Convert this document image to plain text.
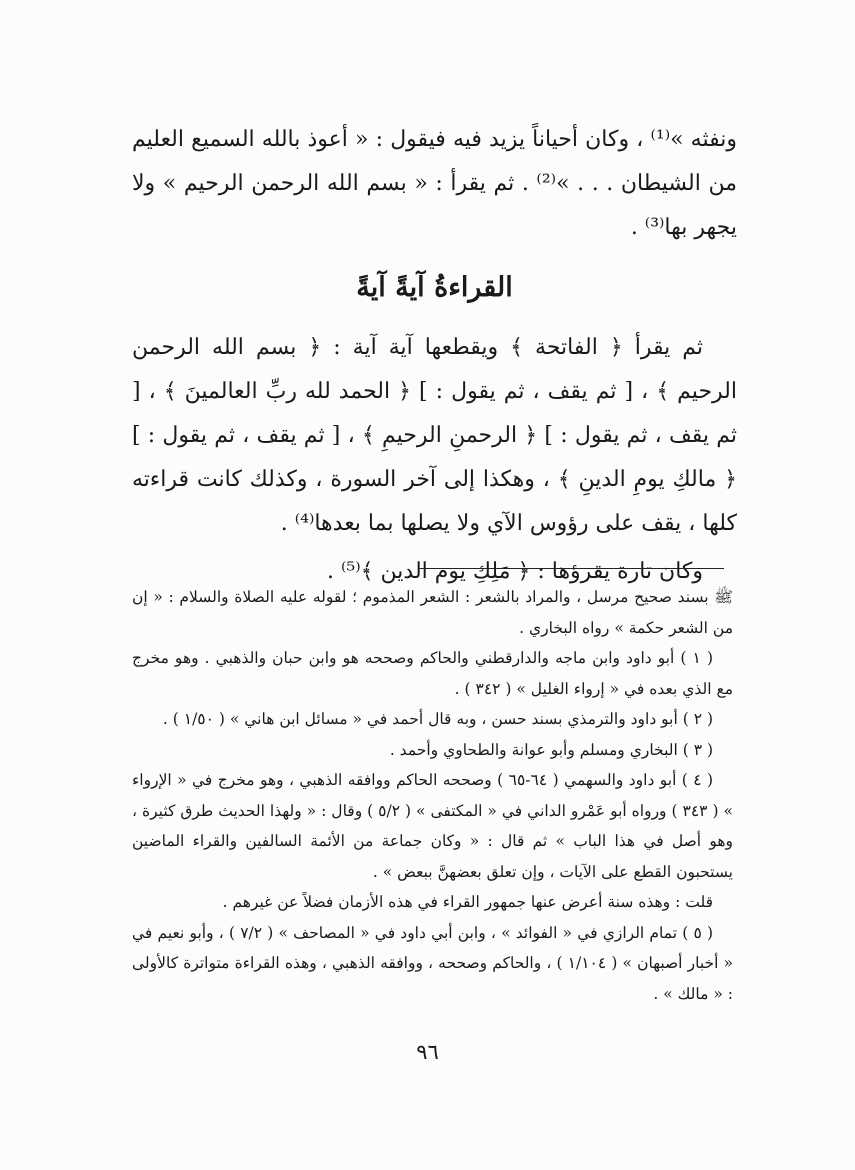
ونفثه »⁽¹⁾ ، وكان أحياناً يزيد فيه فيقول : « أعوذ بالله السميع العليم من الشيطان . . . »⁽²⁾ . ثم يقرأ : « بسم الله الرحمن الرحيم » ولا يجهر بها⁽³⁾ .

القراءةُ آيةً آيةً

ثم يقرأ ﴿ الفاتحة ﴾ ويقطعها آية آية : ﴿ بسم الله الرحمن الرحيم ﴾ ، [ ثم يقف ، ثم يقول : ] ﴿ الحمد لله ربِّ العالمينَ ﴾ ، [ ثم يقف ، ثم يقول : ] ﴿ الرحمنِ الرحيمِ ﴾ ، [ ثم يقف ، ثم يقول : ] ﴿ مالكِ يومِ الدينِ ﴾ ، وهكذا إلى آخر السورة ، وكذلك كانت قراءته كلها ، يقف على رؤوس الآي ولا يصلها بما بعدها⁽⁴⁾ .

وكان تارة يقرؤها : ﴿ مَلِكِ يوم الدين ﴾⁽⁵⁾ .

ﷺ بسند صحيح مرسل ، والمراد بالشعر : الشعر المذموم ؛ لقوله عليه الصلاة والسلام : « إن من الشعر حكمة » رواه البخاري .

( ١ ) أبو داود وابن ماجه والدارقطني والحاكم وصححه هو وابن حبان والذهبي . وهو مخرج مع الذي بعده في « إرواء الغليل » ( ٣٤٢ ) .

( ٢ ) أبو داود والترمذي بسند حسن ، وبه قال أحمد في « مسائل ابن هاني » ( ١/٥٠ ) .

( ٣ ) البخاري ومسلم وأبو عوانة والطحاوي وأحمد .

( ٤ ) أبو داود والسهمي ( ٦٤-٦٥ ) وصححه الحاكم ووافقه الذهبي ، وهو مخرج في « الإرواء » ( ٣٤٣ ) ورواه أبو عَمْرو الداني في « المكتفى » ( ٥/٢ ) وقال : « ولهذا الحديث طرق كثيرة ، وهو أصل في هذا الباب » ثم قال : « وكان جماعة من الأئمة السالفين والقراء الماضين يستحبون القطع على الآيات ، وإن تعلق بعضهنَّ ببعض » .

قلت : وهذه سنة أعرض عنها جمهور القراء في هذه الأزمان فضلاً عن غيرهم .

( ٥ ) تمام الرازي في « الفوائد » ، وابن أبي داود في « المصاحف » ( ٧/٢ ) ، وأبو نعيم في « أخبار أصبهان » ( ١/١٠٤ ) ، والحاكم وصححه ، ووافقه الذهبي ، وهذه القراءة متواترة كالأولى : « مالك » .

٩٦
